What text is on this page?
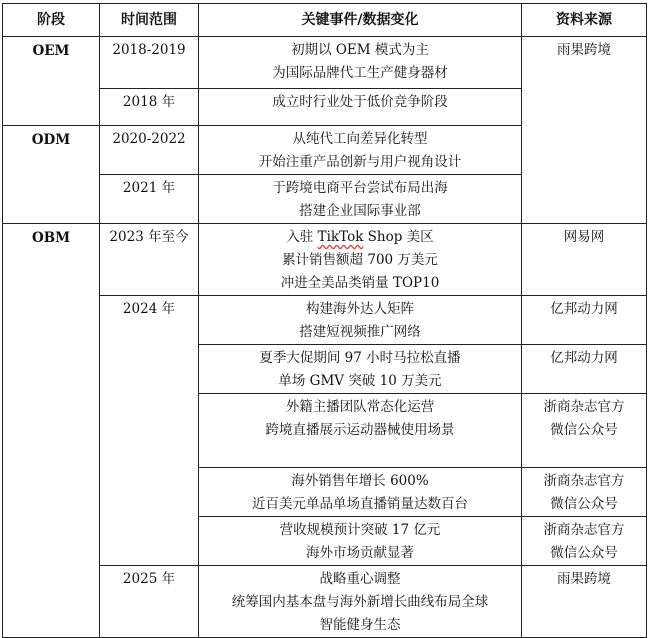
阶段	时间范围	关键事件/数据变化	资料来源
OEM	2018-2019	初期以 OEM 模式为主
为国际品牌代工生产健身器材	雨果跨境
	2018 年	成立时行业处于低价竞争阶段	

ODM	2020-2022	从纯代工向差异化转型
开始注重产品创新与用户视角设计	

	2021 年	于跨境电商平台尝试布局出海
搭建企业国际事业部	

OBM	2023 年至今	入驻 TikTok Shop 美区
累计销售额超 700 万美元
冲进全美品类销量 TOP10	网易网
	2024 年	构建海外达人矩阵
搭建短视频推广网络	亿邦动力网

		夏季大促期间 97 小时马拉松直播
单场 GMV 突破 10 万美元	亿邦动力网

		外籍主播团队常态化运营
跨境直播展示运动器械使用场景	浙商杂志官方
微信公众号

		海外销售年增长 600%
近百美元单品单场直播销量达数百台	浙商杂志官方
微信公众号

		营收规模预计突破 17 亿元
海外市场贡献显著	浙商杂志官方
微信公众号

	2025 年	战略重心调整
统筹国内基本盘与海外新增长曲线布局全球
智能健身生态	雨果跨境
